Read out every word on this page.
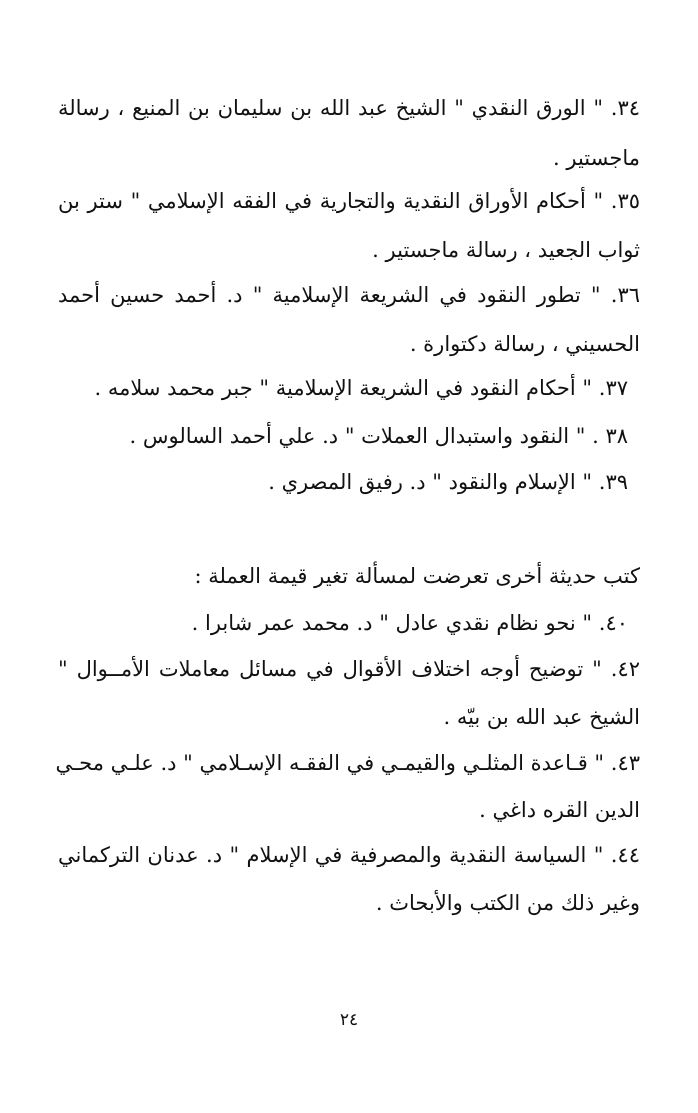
٣٤. " الورق النقدي " الشيخ عبد الله بن سليمان بن المنيع ، رسالة
ماجستير .
٣٥. " أحكام الأوراق النقدية والتجارية في الفقه الإسلامي " ستر بن
ثواب الجعيد ، رسالة ماجستير .
٣٦. " تطور النقود في الشريعة الإسلامية " د. أحمد حسين أحمد
الحسيني ، رسالة دكتوارة .
٣٧. " أحكام النقود في الشريعة الإسلامية " جبر محمد سلامه .
٣٨ . " النقود واستبدال العملات " د. علي أحمد السالوس .
٣٩. " الإسلام والنقود " د. رفيق المصري .
كتب حديثة أخرى تعرضت لمسألة تغير قيمة العملة :
٤٠. " نحو نظام نقدي عادل " د. محمد عمر شابرا .
٤٢. " توضيح أوجه اختلاف الأقوال في مسائل معاملات الأمــوال "
الشيخ عبد الله بن بيّه .
٤٣. " قـاعدة المثلـي والقيمـي في الفقـه الإسـلامي " د. علـي محـي
الدين القره داغي .
٤٤. " السياسة النقدية والمصرفية في الإسلام " د. عدنان التركماني
وغير ذلك من الكتب والأبحاث .
٢٤
